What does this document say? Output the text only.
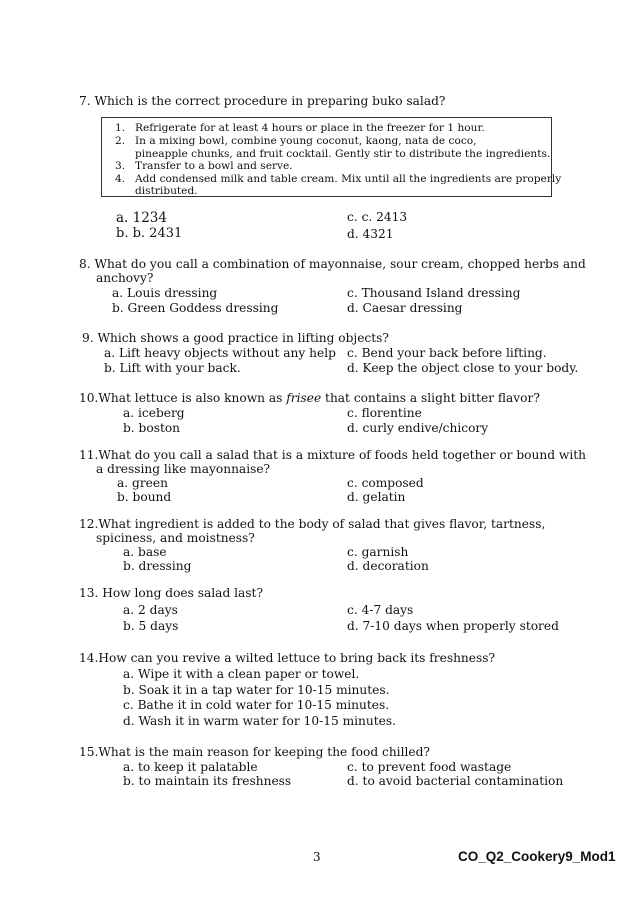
7. Which is the correct procedure in preparing buko salad?
1. Refrigerate for at least 4 hours or place in the freezer for 1 hour.
2. In a mixing bowl, combine young coconut, kaong, nata de coco,
pineapple chunks, and fruit cocktail. Gently stir to distribute the ingredients.
3. Transfer to a bowl and serve.
4. Add condensed milk and table cream. Mix until all the ingredients are properly
distributed.
a. 1234
b. b. 2431
c. c. 2413
d. 4321
8. What do you call a combination of mayonnaise, sour cream, chopped herbs and
anchovy?
a. Louis dressing
b. Green Goddess dressing
c. Thousand Island dressing
d. Caesar dressing
9. Which shows a good practice in lifting objects?
a. Lift heavy objects without any help
b. Lift with your back.
c. Bend your back before lifting.
d. Keep the object close to your body.
10.What lettuce is also known as frisee that contains a slight bitter flavor?
a. iceberg
b. boston
c. florentine
d. curly endive/chicory
11.What do you call a salad that is a mixture of foods held together or bound with
a dressing like mayonnaise?
a. green
b. bound
c. composed
d. gelatin
12.What ingredient is added to the body of salad that gives flavor, tartness,
spiciness, and moistness?
a. base
b. dressing
c. garnish
d. decoration
13. How long does salad last?
a. 2 days
b. 5 days
c. 4-7 days
d. 7-10 days when properly stored
14.How can you revive a wilted lettuce to bring back its freshness?
a. Wipe it with a clean paper or towel.
b. Soak it in a tap water for 10-15 minutes.
c. Bathe it in cold water for 10-15 minutes.
d. Wash it in warm water for 10-15 minutes.
15.What is the main reason for keeping the food chilled?
a. to keep it palatable
b. to maintain its freshness
c. to prevent food wastage
d. to avoid bacterial contamination
3	CO_Q2_Cookery9_Mod1
